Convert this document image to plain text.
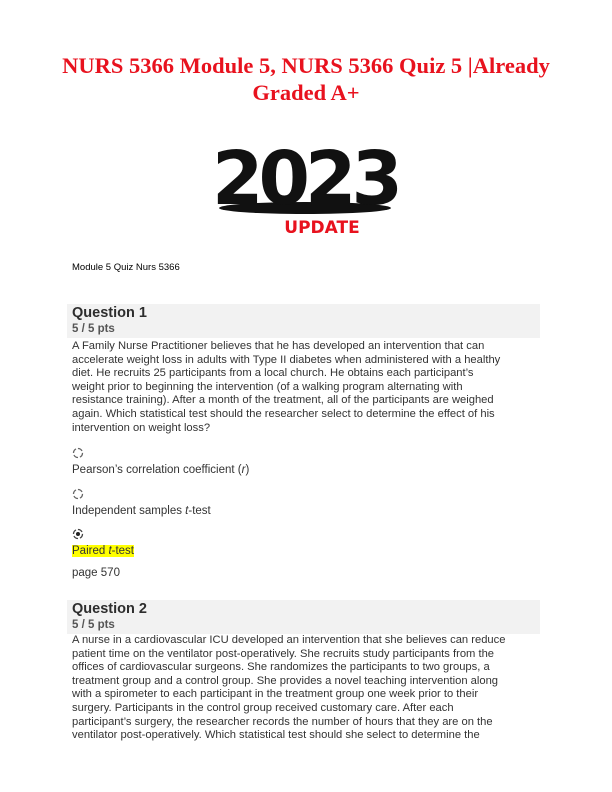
NURS 5366 Module 5, NURS 5366 Quiz 5 |Already Graded A+
2023
UPDATE
Module 5 Quiz Nurs 5366
Question 1
5 / 5 pts
A Family Nurse Practitioner believes that he has developed an intervention that can
accelerate weight loss in adults with Type II diabetes when administered with a healthy
diet. He recruits 25 participants from a local church. He obtains each participant’s
weight prior to beginning the intervention (of a walking program alternating with
resistance training). After a month of the treatment, all of the participants are weighed
again. Which statistical test should the researcher select to determine the effect of his
intervention on weight loss?
Pearson’s correlation coefficient (r)
Independent samples t-test
Paired t-test
page 570
Question 2
5 / 5 pts
A nurse in a cardiovascular ICU developed an intervention that she believes can reduce
patient time on the ventilator post-operatively. She recruits study participants from the
offices of cardiovascular surgeons. She randomizes the participants to two groups, a
treatment group and a control group. She provides a novel teaching intervention along
with a spirometer to each participant in the treatment group one week prior to their
surgery. Participants in the control group received customary care. After each
participant’s surgery, the researcher records the number of hours that they are on the
ventilator post-operatively. Which statistical test should she select to determine the
